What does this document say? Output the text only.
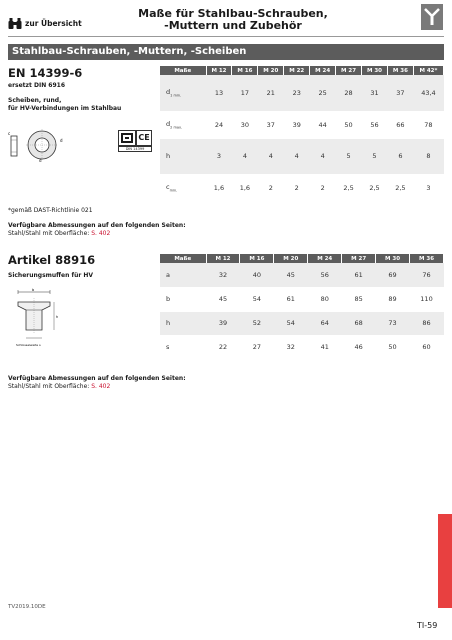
zur Übersicht
Maße für Stahlbau-Schrauben,
-Muttern und Zubehör
Stahlbau-Schrauben, -Muttern, -Scheiben
EN 14399-6
ersetzt DIN 6916
Scheiben, rund,
für HV-Verbindungen im Stahlbau
c
d
d
CE
DIN 14399
Maße	M 12	M 16	M 20	M 22	M 24	M 27	M 30	M 36	M 42*
$d_{1 min.}$	13	17	21	23	25	28	31	37	43,4
$d_{2 max.}$	24	30	37	39	44	50	56	66	78
h	3	4	4	4	4	5	5	6	8
$c_{min.}$	1,6	1,6	2	2	2	2,5	2,5	2,5	3
*gemäß DAST-Richtlinie 021
Verfügbare Abmessungen auf den folgenden Seiten:
Stahl/Stahl mit Oberfläche: S. 402
Artikel 88916
Sicherungsmuffen für HV
b
h
Schlüsselweite s
Maße	M 12	M 16	M 20	M 24	M 27	M 30	M 36
a	32	40	45	56	61	69	76
b	45	54	61	80	85	89	110
h	39	52	54	64	68	73	86
s	22	27	32	41	46	50	60
Verfügbare Abmessungen auf den folgenden Seiten:
Stahl/Stahl mit Oberfläche: S. 402
TV2019.10DE
TI-59
